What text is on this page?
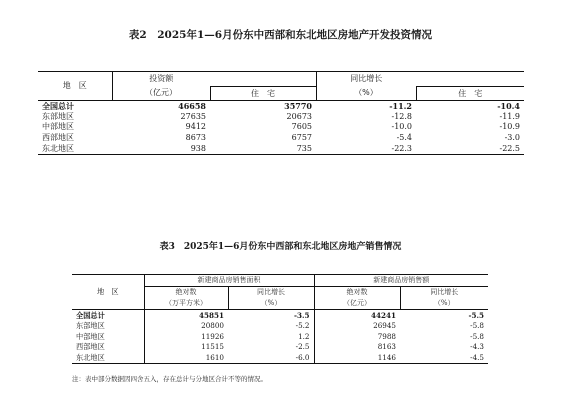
表2　2025年1—6月份东中西部和东北地区房地产开发投资情况
地　区	投资额		同比增长	
	（亿元）	住　宅	（%）	住　宅
全国总计	46658	35770	-11.2	-10.4
东部地区	27635	20673	-12.8	-11.9
中部地区	9412	7605	-10.0	-10.9
西部地区	8673	6757	-5.4	-3.0
东北地区	938	735	-22.3	-22.5
表3　2025年1—6月份东中西部和东北地区房地产销售情况
地　区	新建商品房销售面积		新建商品房销售额	
	绝对数	同比增长	绝对数	同比增长
	（万平方米）	（%）	（亿元）	（%）
全国总计	45851	-3.5	44241	-5.5
东部地区	20800	-5.2	26945	-5.8
中部地区	11926	1.2	7988	-5.8
西部地区	11515	-2.5	8163	-4.3
东北地区	1610	-6.0	1146	-4.5
注：表中部分数据因四舍五入，存在总计与分地区合计不等的情况。
